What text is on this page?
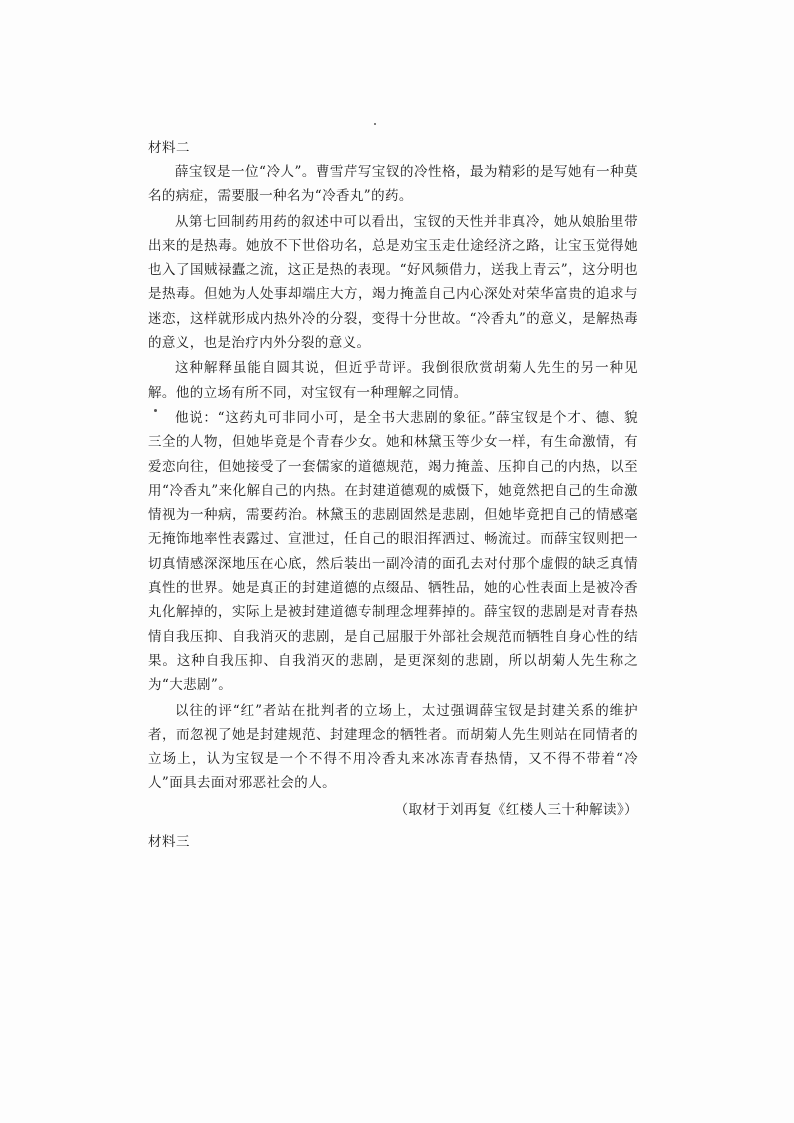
材料二

薛宝钗是一位“冷人”。曹雪芹写宝钗的冷性格，最为精彩的是写她有一种莫名的病症，需要服一种名为“冷香丸”的药。

从第七回制药用药的叙述中可以看出，宝钗的天性并非真冷，她从娘胎里带出来的是热毒。她放不下世俗功名，总是劝宝玉走仕途经济之路，让宝玉觉得她也入了国贼禄蠹之流，这正是热的表现。“好风频借力，送我上青云”，这分明也是热毒。但她为人处事却端庄大方，竭力掩盖自己内心深处对荣华富贵的追求与迷恋，这样就形成内热外冷的分裂，变得十分世故。“冷香丸”的意义，是解热毒的意义，也是治疗内外分裂的意义。

这种解释虽能自圆其说，但近乎苛评。我倒很欣赏胡菊人先生的另一种见解。他的立场有所不同，对宝钗有一种理解之同情。

他说：“这药丸可非同小可，是全书大悲剧的象征。”薛宝钗是个才、德、貌三全的人物，但她毕竟是个青春少女。她和林黛玉等少女一样，有生命激情，有爱恋向往，但她接受了一套儒家的道德规范，竭力掩盖、压抑自己的内热，以至用“冷香丸”来化解自己的内热。在封建道德观的威慑下，她竟然把自己的生命激情视为一种病，需要药治。林黛玉的悲剧固然是悲剧，但她毕竟把自己的情感毫无掩饰地率性表露过、宣泄过，任自己的眼泪挥洒过、畅流过。而薛宝钗则把一切真情感深深地压在心底，然后装出一副冷清的面孔去对付那个虚假的缺乏真情真性的世界。她是真正的封建道德的点缀品、牺牲品，她的心性表面上是被冷香丸化解掉的，实际上是被封建道德专制理念埋葬掉的。薛宝钗的悲剧是对青春热情自我压抑、自我消灭的悲剧，是自己屈服于外部社会规范而牺牲自身心性的结果。这种自我压抑、自我消灭的悲剧，是更深刻的悲剧，所以胡菊人先生称之为“大悲剧”。

以往的评“红”者站在批判者的立场上，太过强调薛宝钗是封建关系的维护者，而忽视了她是封建规范、封建理念的牺牲者。而胡菊人先生则站在同情者的立场上，认为宝钗是一个不得不用冷香丸来冰冻青春热情，又不得不带着“冷人”面具去面对邪恶社会的人。

（取材于刘再复《红楼人三十种解读》）

材料三
